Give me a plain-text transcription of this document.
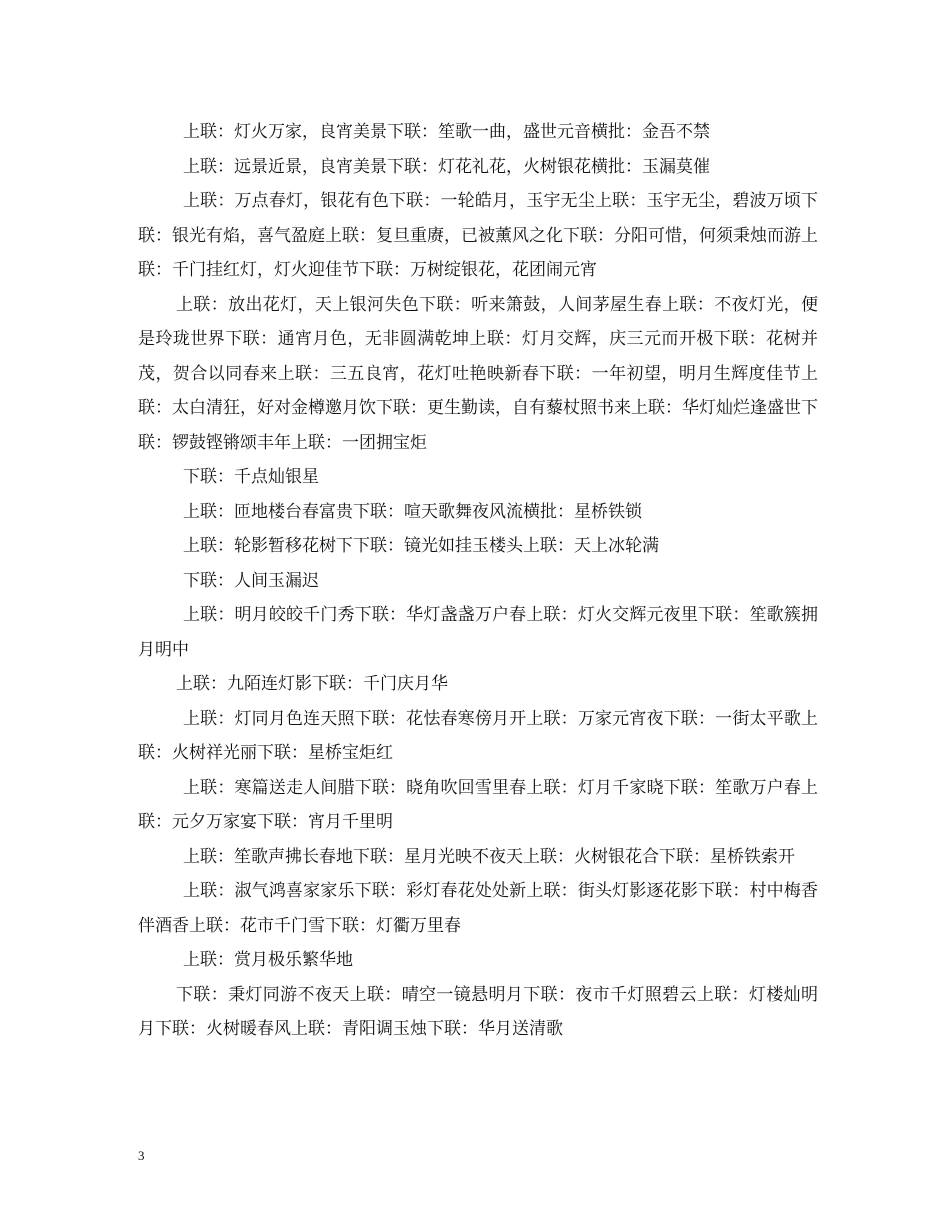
上联：灯火万家，良宵美景下联：笙歌一曲，盛世元音横批：金吾不禁

上联：远景近景，良宵美景下联：灯花礼花，火树银花横批：玉漏莫催

上联：万点春灯，银花有色下联：一轮皓月，玉宇无尘上联：玉宇无尘，碧波万顷下联：银光有焰，喜气盈庭上联：复旦重赓，已被薰风之化下联：分阳可惜，何须秉烛而游上联：千门挂红灯，灯火迎佳节下联：万树绽银花，花团闹元宵

上联：放出花灯，天上银河失色下联：听来箫鼓，人间茅屋生春上联：不夜灯光，便是玲珑世界下联：通宵月色，无非圆满乾坤上联：灯月交辉，庆三元而开极下联：花树并茂，贺合以同春来上联：三五良宵，花灯吐艳映新春下联：一年初望，明月生辉度佳节上联：太白清狂，好对金樽邀月饮下联：更生勤读，自有藜杖照书来上联：华灯灿烂逢盛世下联：锣鼓铿锵颂丰年上联：一团拥宝炬

下联：千点灿银星

上联：匝地楼台春富贵下联：喧天歌舞夜风流横批：星桥铁锁

上联：轮影暂移花树下下联：镜光如挂玉楼头上联：天上冰轮满

下联：人间玉漏迟

上联：明月皎皎千门秀下联：华灯盏盏万户春上联：灯火交辉元夜里下联：笙歌簇拥月明中

上联：九陌连灯影下联：千门庆月华

上联：灯同月色连天照下联：花怯春寒傍月开上联：万家元宵夜下联：一街太平歌上联：火树祥光丽下联：星桥宝炬红

上联：寒篇送走人间腊下联：晓角吹回雪里春上联：灯月千家晓下联：笙歌万户春上联：元夕万家宴下联：宵月千里明

上联：笙歌声拂长春地下联：星月光映不夜天上联：火树银花合下联：星桥铁索开

上联：淑气鸿喜家家乐下联：彩灯春花处处新上联：街头灯影逐花影下联：村中梅香伴酒香上联：花市千门雪下联：灯衢万里春

上联：赏月极乐繁华地

下联：秉灯同游不夜天上联：晴空一镜悬明月下联：夜市千灯照碧云上联：灯楼灿明月下联：火树暖春风上联：青阳调玉烛下联：华月送清歌

3
